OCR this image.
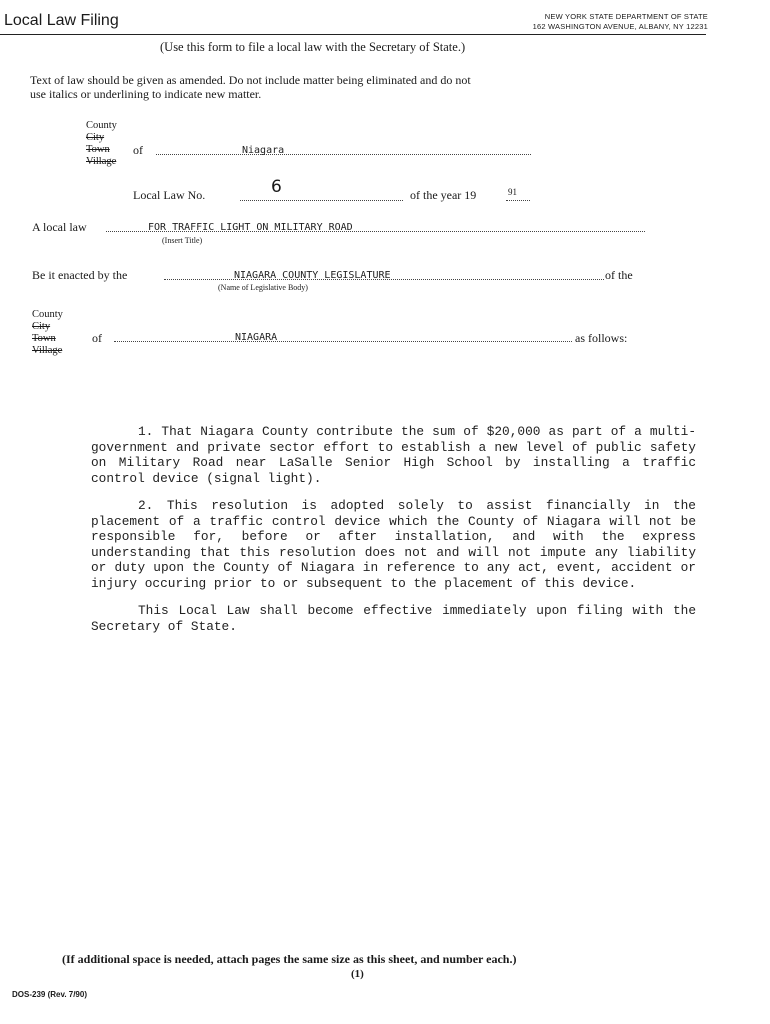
Local Law Filing	NEW YORK STATE DEPARTMENT OF STATE
162 WASHINGTON AVENUE, ALBANY, NY 12231
(Use this form to file a local law with the Secretary of State.)
Text of law should be given as amended. Do not include matter being eliminated and do not
use italics or underlining to indicate new matter.
County
City
Town
Village
of	Niagara
Local Law No.	6	of the year 19	91
A local law	FOR TRAFFIC LIGHT ON MILITARY ROAD
(Insert Title)
Be it enacted by the	NIAGARA COUNTY LEGISLATURE	of the
(Name of Legislative Body)
County
City
Town
Village
of	NIAGARA	as follows:

1. That Niagara County contribute the sum of $20,000 as part of a multi-government and private sector effort to establish a new level of public safety on Military Road near LaSalle Senior High School by installing a traffic control device (signal light).

2. This resolution is adopted solely to assist financially in the placement of a traffic control device which the County of Niagara will not be responsible for, before or after installation, and with the express understanding that this resolution does not and will not impute any liability or duty upon the County of Niagara in reference to any act, event, accident or injury occuring prior to or subsequent to the placement of this device.

This Local Law shall become effective immediately upon filing with the Secretary of State.

(If additional space is needed, attach pages the same size as this sheet, and number each.)
(1)
DOS-239 (Rev. 7/90)
